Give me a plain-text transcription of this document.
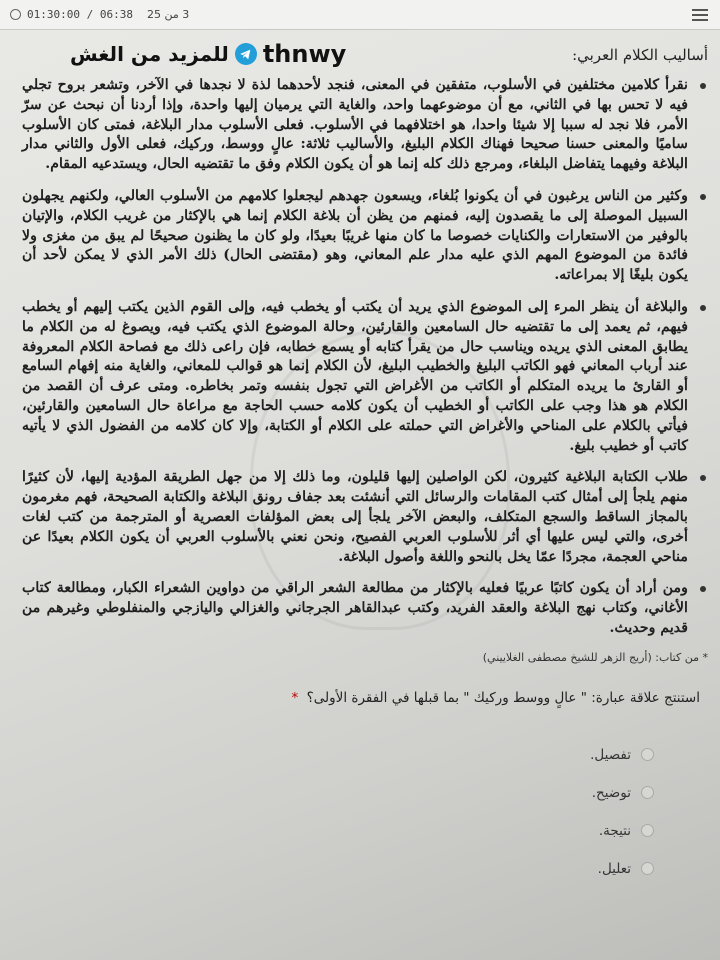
01:30:00 / 06:38 3 من 25
للمزيد من الغش thnwy	أساليب الكلام العربي:
نقرأ كلامين مختلفين في الأسلوب، متفقين في المعنى، فنجد لأحدهما لذة لا نجدها في الآخر، وتشعر بروح تجلي فيه لا تحس بها في الثاني، مع أن موضوعهما واحد، والغاية التي يرميان إليها واحدة، وإذا أردنا أن نبحث عن سرّ الأمر، فلا نجد له سببا إلا شيئا واحدا، هو اختلافهما في الأسلوب. فعلى الأسلوب مدار البلاغة، فمتى كان الأسلوب ساميًا والمعنى حسنا صحيحا فهناك الكلام البليغ، والأساليب ثلاثة: عالٍ ووسط، وركيك، فعلى الأول والثاني مدار البلاغة وفيهما يتفاضل البلغاء، ومرجع ذلك كله إنما هو أن يكون الكلام وفق ما تقتضيه الحال، ويستدعيه المقام.
وكثير من الناس يرغبون في أن يكونوا بُلغاء، ويسعون جهدهم ليجعلوا كلامهم من الأسلوب العالي، ولكنهم يجهلون السبيل الموصلة إلى ما يقصدون إليه، فمنهم من يظن أن بلاغة الكلام إنما هي بالإكثار من غريب الكلام، والإتيان بالوفير من الاستعارات والكنايات خصوصا ما كان منها غريبًا بعيدًا، ولو كان ما يظنون صحيحًا لم يبق من مغزى ولا فائدة من الموضوع المهم الذي عليه مدار علم المعاني، وهو (مقتضى الحال) ذلك الأمر الذي لا يمكن لأحد أن يكون بليغًا إلا بمراعاته.
والبلاغة أن ينظر المرء إلى الموضوع الذي يريد أن يكتب أو يخطب فيه، وإلى القوم الذين يكتب إليهم أو يخطب فيهم، ثم يعمد إلى ما تقتضيه حال السامعين والقارئين، وحالة الموضوع الذي يكتب فيه، ويصوغ له من الكلام ما يطابق المعنى الذي يريده ويناسب حال من يقرأ كتابه أو يسمع خطابه، فإن راعى ذلك مع فصاحة الكلام المعروفة عند أرباب المعاني فهو الكاتب البليغ والخطيب البليغ، لأن الكلام إنما هو قوالب للمعاني، والغاية منه إفهام السامع أو القارئ ما يريده المتكلم أو الكاتب من الأغراض التي تجول بنفسه وتمر بخاطره. ومتى عرف أن القصد من الكلام هو هذا وجب على الكاتب أو الخطيب أن يكون كلامه حسب الحاجة مع مراعاة حال السامعين والقارئين، فيأتي بالكلام على المناحي والأغراض التي حملته على الكلام أو الكتابة، وإلا كان كلامه من الفضول الذي لا يأتيه كاتب أو خطيب بليغ.
طلاب الكتابة البلاغية كثيرون، لكن الواصلين إليها قليلون، وما ذلك إلا من جهل الطريقة المؤدية إليها، لأن كثيرًا منهم يلجأ إلى أمثال كتب المقامات والرسائل التي أنشئت بعد جفاف رونق البلاغة والكتابة الصحيحة، فهم مغرمون بالمجاز الساقط والسجع المتكلف، والبعض الآخر يلجأ إلى بعض المؤلفات العصرية أو المترجمة من كتب لغات أخرى، والتي ليس عليها أي أثر للأسلوب العربي الفصيح، ونحن نعني بالأسلوب العربي أن يكون الكلام بعيدًا عن مناحي العجمة، مجردًا عمّا يخل بالنحو واللغة وأصول البلاغة.
ومن أراد أن يكون كاتبًا عربيًا فعليه بالإكثار من مطالعة الشعر الراقي من دواوين الشعراء الكبار، ومطالعة كتاب الأغاني، وكتاب نهج البلاغة والعقد الفريد، وكتب عبدالقاهر الجرجاني والغزالي واليازجي والمنفلوطي وغيرهم من قديم وحديث.
* من كتاب: (أريج الزهر للشيخ مصطفى الغلاييني)
استنتج علاقة عبارة: " عالٍ ووسط وركيك " بما قبلها في الفقرة الأولى؟ *
تفصيل.
توضيح.
نتيجة.
تعليل.
